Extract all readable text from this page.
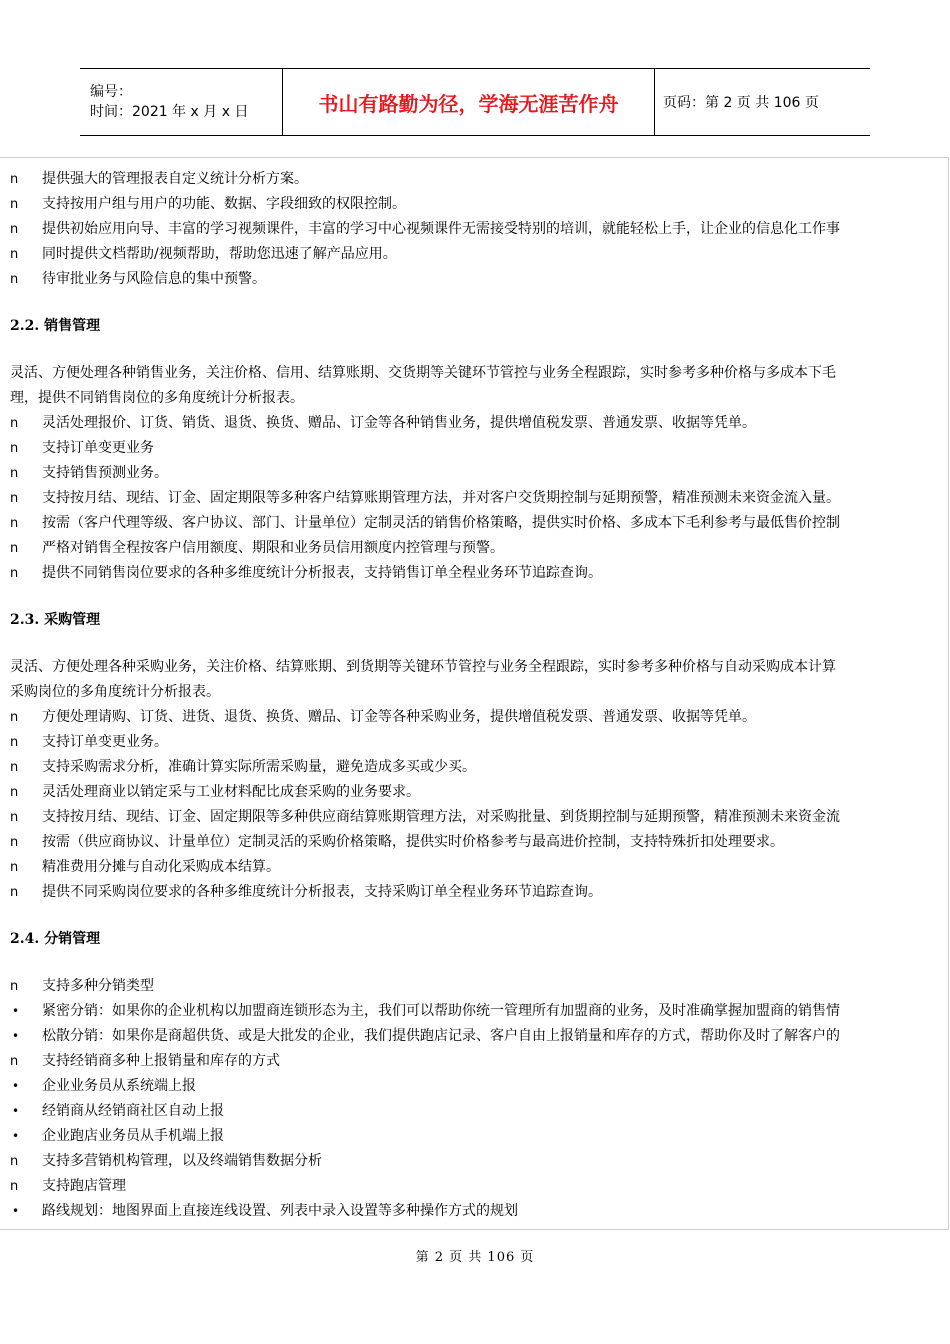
编号：
时间：2021 年 x 月 x 日	书山有路勤为径，学海无涯苦作舟	页码：第 2 页 共 106 页
n	提供强大的管理报表自定义统计分析方案。
n	支持按用户组与用户的功能、数据、字段细致的权限控制。
n	提供初始应用向导、丰富的学习视频课件，丰富的学习中心视频课件无需接受特别的培训，就能轻松上手，让企业的信息化工作事
n	同时提供文档帮助/视频帮助，帮助您迅速了解产品应用。
n	待审批业务与风险信息的集中预警。
2.2. 销售管理
灵活、方便处理各种销售业务，关注价格、信用、结算账期、交货期等关键环节管控与业务全程跟踪，实时参考多种价格与多成本下毛
理，提供不同销售岗位的多角度统计分析报表。
n	灵活处理报价、订货、销货、退货、换货、赠品、订金等各种销售业务，提供增值税发票、普通发票、收据等凭单。
n	支持订单变更业务
n	支持销售预测业务。
n	支持按月结、现结、订金、固定期限等多种客户结算账期管理方法，并对客户交货期控制与延期预警，精准预测未来资金流入量。
n	按需（客户代理等级、客户协议、部门、计量单位）定制灵活的销售价格策略，提供实时价格、多成本下毛利参考与最低售价控制
n	严格对销售全程按客户信用额度、期限和业务员信用额度内控管理与预警。
n	提供不同销售岗位要求的各种多维度统计分析报表，支持销售订单全程业务环节追踪查询。
2.3. 采购管理
灵活、方便处理各种采购业务，关注价格、结算账期、到货期等关键环节管控与业务全程跟踪，实时参考多种价格与自动采购成本计算
采购岗位的多角度统计分析报表。
n	方便处理请购、订货、进货、退货、换货、赠品、订金等各种采购业务，提供增值税发票、普通发票、收据等凭单。
n	支持订单变更业务。
n	支持采购需求分析，准确计算实际所需采购量，避免造成多买或少买。
n	灵活处理商业以销定采与工业材料配比成套采购的业务要求。
n	支持按月结、现结、订金、固定期限等多种供应商结算账期管理方法，对采购批量、到货期控制与延期预警，精准预测未来资金流
n	按需（供应商协议、计量单位）定制灵活的采购价格策略，提供实时价格参考与最高进价控制，支持特殊折扣处理要求。
n	精准费用分摊与自动化采购成本结算。
n	提供不同采购岗位要求的各种多维度统计分析报表，支持采购订单全程业务环节追踪查询。
2.4. 分销管理
n	支持多种分销类型
•	紧密分销：如果你的企业机构以加盟商连锁形态为主，我们可以帮助你统一管理所有加盟商的业务，及时准确掌握加盟商的销售情
•	松散分销：如果你是商超供货、或是大批发的企业，我们提供跑店记录、客户自由上报销量和库存的方式，帮助你及时了解客户的
n	支持经销商多种上报销量和库存的方式
•	企业业务员从系统端上报
•	经销商从经销商社区自动上报
•	企业跑店业务员从手机端上报
n	支持多营销机构管理，以及终端销售数据分析
n	支持跑店管理
•	路线规划：地图界面上直接连线设置、列表中录入设置等多种操作方式的规划
第 2 页 共 106 页
